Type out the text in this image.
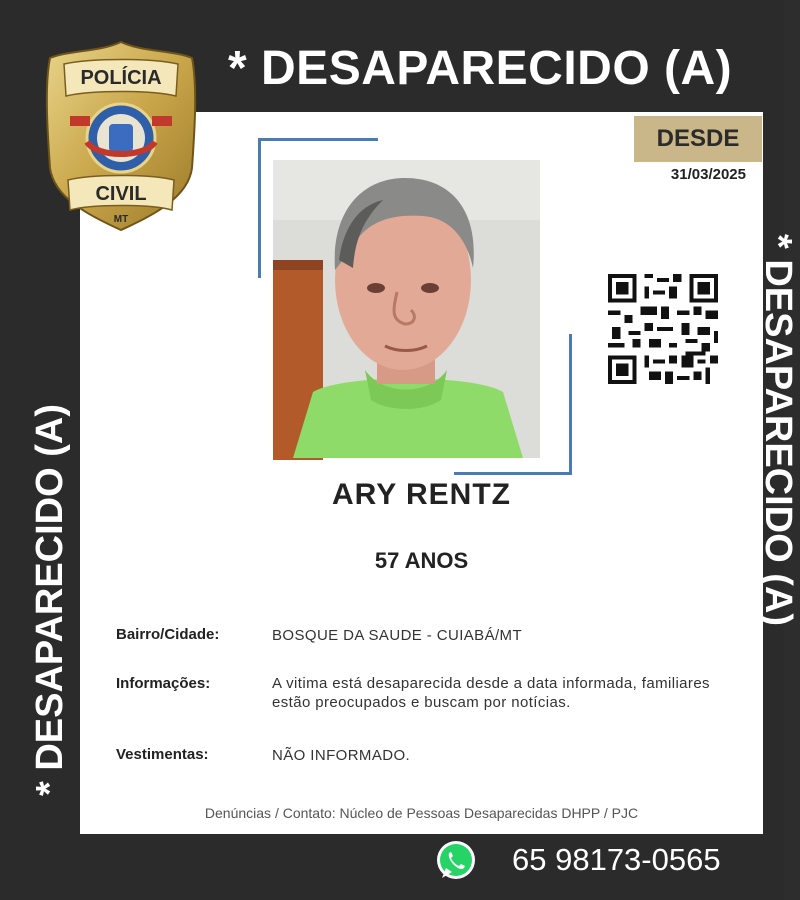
* DESAPARECIDO (A)
* DESAPARECIDO (A)	* DESAPARECIDO (A)
POLÍCIA
CIVIL
MT
DESDE
31/03/2025
ARY RENTZ
57 ANOS
Bairro/Cidade:	BOSQUE DA SAUDE - CUIABÁ/MT
Informações:	A vitima está desaparecida desde a data informada, familiares estão preocupados e buscam por notícias.
Vestimentas:	NÃO INFORMADO.
Denúncias / Contato: Núcleo de Pessoas Desaparecidas DHPP / PJC
65 98173-0565
